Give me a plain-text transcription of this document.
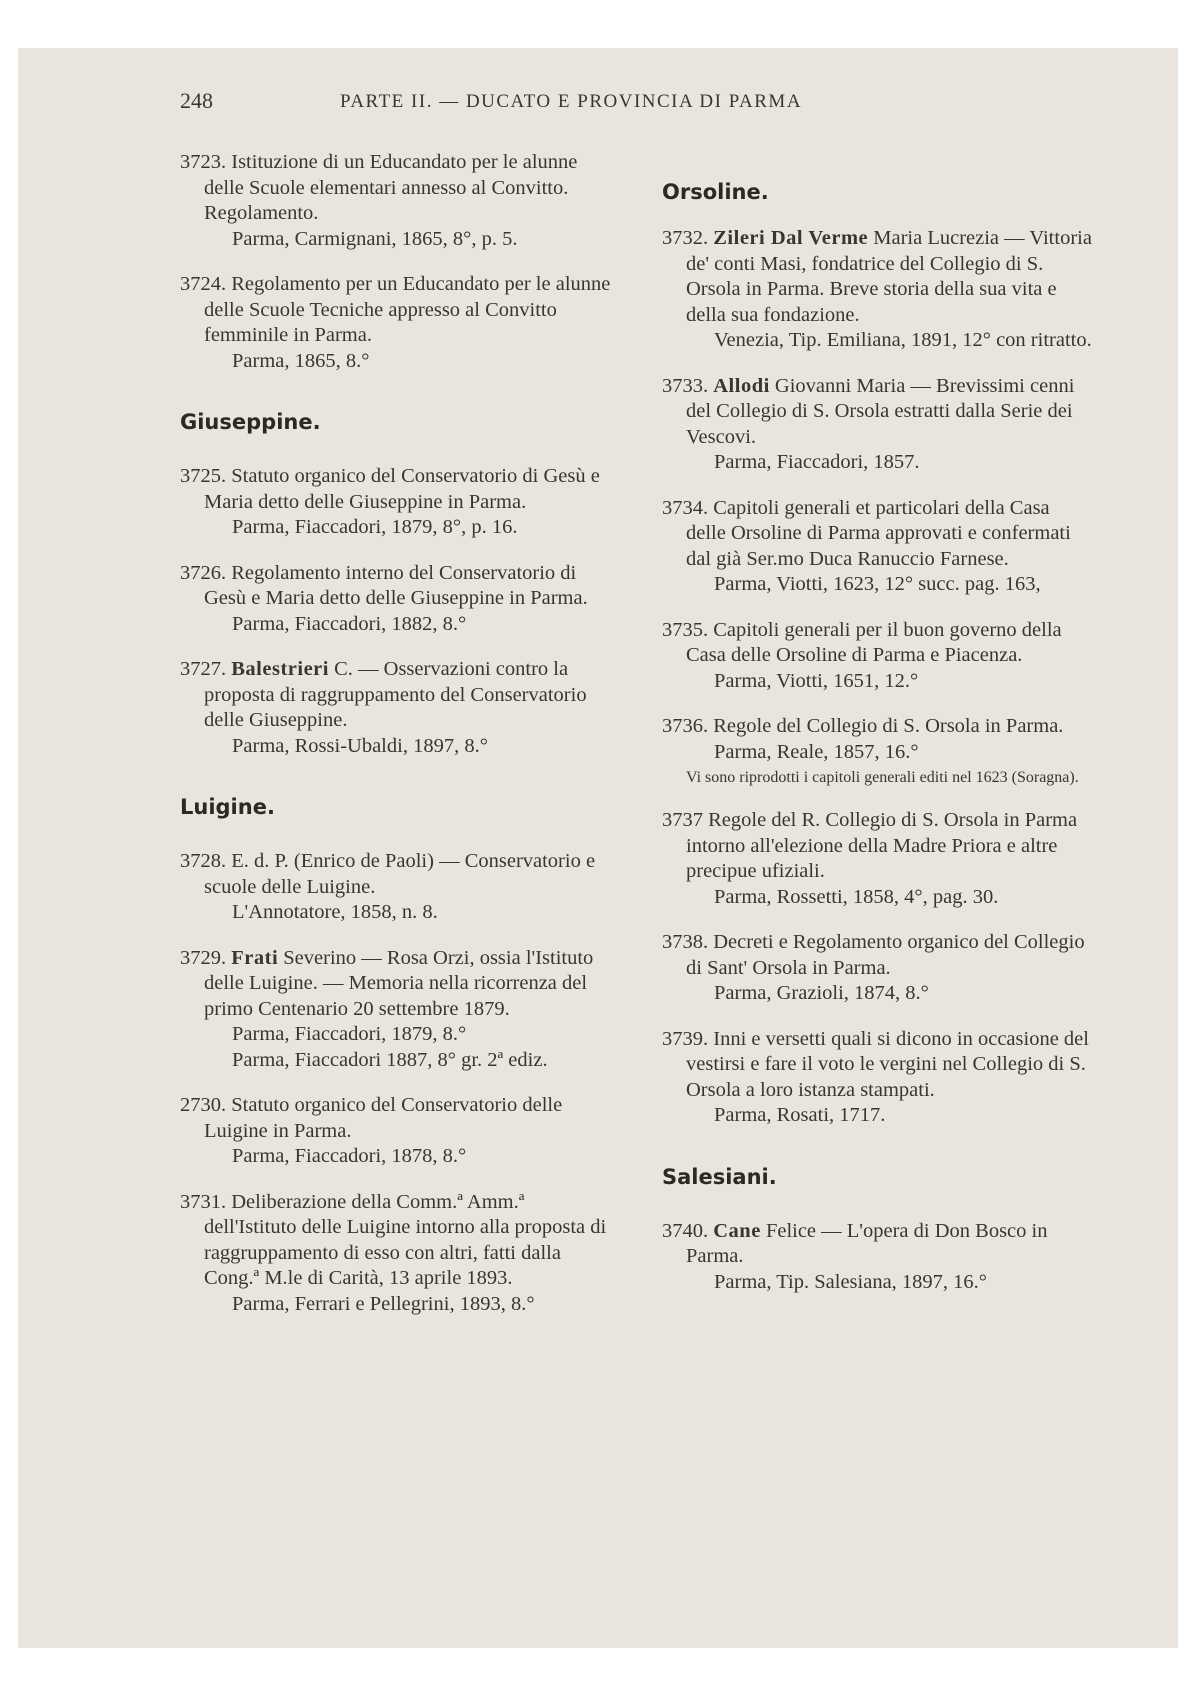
248	PARTE II. — DUCATO E PROVINCIA DI PARMA

3723. Istituzione di un Educandato per le alunne delle Scuole elementari annesso al Convitto. Regolamento.
Parma, Carmignani, 1865, 8°, p. 5.

3724. Regolamento per un Educandato per le alunne delle Scuole Tecniche appresso al Convitto femminile in Parma.
Parma, 1865, 8.°

Giuseppine.

3725. Statuto organico del Conservatorio di Gesù e Maria detto delle Giuseppine in Parma.
Parma, Fiaccadori, 1879, 8°, p. 16.

3726. Regolamento interno del Conservatorio di Gesù e Maria detto delle Giuseppine in Parma.
Parma, Fiaccadori, 1882, 8.°

3727. Balestrieri C. — Osservazioni contro la proposta di raggruppamento del Conservatorio delle Giuseppine.
Parma, Rossi-Ubaldi, 1897, 8.°

Luigine.

3728. E. d. P. (Enrico de Paoli) — Conservatorio e scuole delle Luigine.
L'Annotatore, 1858, n. 8.

3729. Frati Severino — Rosa Orzi, ossia l'Istituto delle Luigine. — Memoria nella ricorrenza del primo Centenario 20 settembre 1879.
Parma, Fiaccadori, 1879, 8.°
Parma, Fiaccadori 1887, 8° gr. 2ª ediz.

2730. Statuto organico del Conservatorio delle Luigine in Parma.
Parma, Fiaccadori, 1878, 8.°

3731. Deliberazione della Comm.ª Amm.ª dell'Istituto delle Luigine intorno alla proposta di raggruppamento di esso con altri, fatti dalla Cong.ª M.le di Carità, 13 aprile 1893.
Parma, Ferrari e Pellegrini, 1893, 8.°

Orsoline.

3732. Zileri Dal Verme Maria Lucrezia — Vittoria de' conti Masi, fondatrice del Collegio di S. Orsola in Parma. Breve storia della sua vita e della sua fondazione.
Venezia, Tip. Emiliana, 1891, 12° con ritratto.

3733. Allodi Giovanni Maria — Brevissimi cenni del Collegio di S. Orsola estratti dalla Serie dei Vescovi.
Parma, Fiaccadori, 1857.

3734. Capitoli generali et particolari della Casa delle Orsoline di Parma approvati e confermati dal già Ser.mo Duca Ranuccio Farnese.
Parma, Viotti, 1623, 12° succ. pag. 163,

3735. Capitoli generali per il buon governo della Casa delle Orsoline di Parma e Piacenza.
Parma, Viotti, 1651, 12.°

3736. Regole del Collegio di S. Orsola in Parma.
Parma, Reale, 1857, 16.°
Vi sono riprodotti i capitoli generali editi nel 1623 (Soragna).

3737 Regole del R. Collegio di S. Orsola in Parma intorno all'elezione della Madre Priora e altre precipue ufiziali.
Parma, Rossetti, 1858, 4°, pag. 30.

3738. Decreti e Regolamento organico del Collegio di Sant' Orsola in Parma.
Parma, Grazioli, 1874, 8.°

3739. Inni e versetti quali si dicono in occasione del vestirsi e fare il voto le vergini nel Collegio di S. Orsola a loro istanza stampati.
Parma, Rosati, 1717.

Salesiani.

3740. Cane Felice — L'opera di Don Bosco in Parma.
Parma, Tip. Salesiana, 1897, 16.°
